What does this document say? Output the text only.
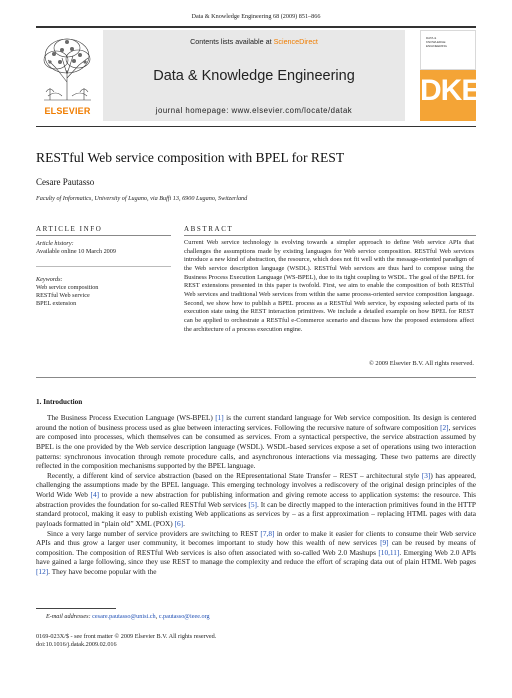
Data & Knowledge Engineering 68 (2009) 851–866
ELSEVIER
Contents lists available at ScienceDirect
Data & Knowledge Engineering
journal homepage: www.elsevier.com/locate/datak
DATA & KNOWLEDGE ENGINEERING
DKE
RESTful Web service composition with BPEL for REST
Cesare Pautasso
Faculty of Informatics, University of Lugano, via Buffi 13, 6900 Lugano, Switzerland
ARTICLE INFO
Article history:
Available online 10 March 2009
Keywords:
Web service composition
RESTful Web service
BPEL extension
ABSTRACT
Current Web service technology is evolving towards a simpler approach to define Web service APIs that challenges the assumptions made by existing languages for Web service composition. RESTful Web services introduce a new kind of abstraction, the resource, which does not fit well with the message-oriented paradigm of the Web service description language (WSDL). RESTful Web services are thus hard to compose using the Business Process Execution Language (WS-BPEL), due to its tight coupling to WSDL. The goal of the BPEL for REST extensions presented in this paper is twofold. First, we aim to enable the composition of both RESTful Web services and traditional Web services from within the same process-oriented service composition language. Second, we show how to publish a BPEL process as a RESTful Web service, by exposing selected parts of its execution state using the REST interaction primitives. We include a detailed example on how BPEL for REST can be applied to orchestrate a RESTful e-Commerce scenario and discuss how the proposed extensions affect the architecture of a process execution engine.
© 2009 Elsevier B.V. All rights reserved.
1. Introduction

The Business Process Execution Language (WS-BPEL) [1] is the current standard language for Web service composition. Its design is centered around the notion of business process used as glue between interacting services. Following the recursive nature of software composition [2], services are composed into processes, which themselves can be consumed as services. From a syntactical perspective, the service abstraction assumed by BPEL is the one provided by the Web service description language (WSDL). WSDL-based services expose a set of operations using two interaction patterns: synchronous invocation through remote procedure calls, and asynchronous interactions via messaging. These two patterns are directly reflected in the composition mechanisms supported by the BPEL language.

Recently, a different kind of service abstraction (based on the REpresentational State Transfer – REST – architectural style [3]) has appeared, challenging the assumptions made by the BPEL language. This emerging technology involves a rediscovery of the original design principles of the World Wide Web [4] to provide a new abstraction for publishing information and giving remote access to application systems: the resource. This abstraction provides the foundation for so-called RESTful Web services [5]. It can be directly mapped to the interaction primitives found in the HTTP standard protocol, making it easy to publish existing Web applications as services by – as a first approximation – replacing HTML pages with data payloads formatted in “plain old” XML (POX) [6].

Since a very large number of service providers are switching to REST [7,8] in order to make it easier for clients to consume their Web service APIs and thus grow a larger user community, it becomes important to study how this wealth of new services [9] can be reused by means of composition. The composition of RESTful Web services is also often associated with so-called Web 2.0 Mashups [10,11]. Emerging Web 2.0 APIs have gained a large following, since they use REST to manage the complexity and reduce the effort of scraping data out of plain HTML Web pages [12]. They have become popular with the

E-mail addresses: cesare.pautasso@unisi.ch, c.pautasso@ieee.org
0169-023X/$ - see front matter © 2009 Elsevier B.V. All rights reserved.
doi:10.1016/j.datak.2009.02.016
